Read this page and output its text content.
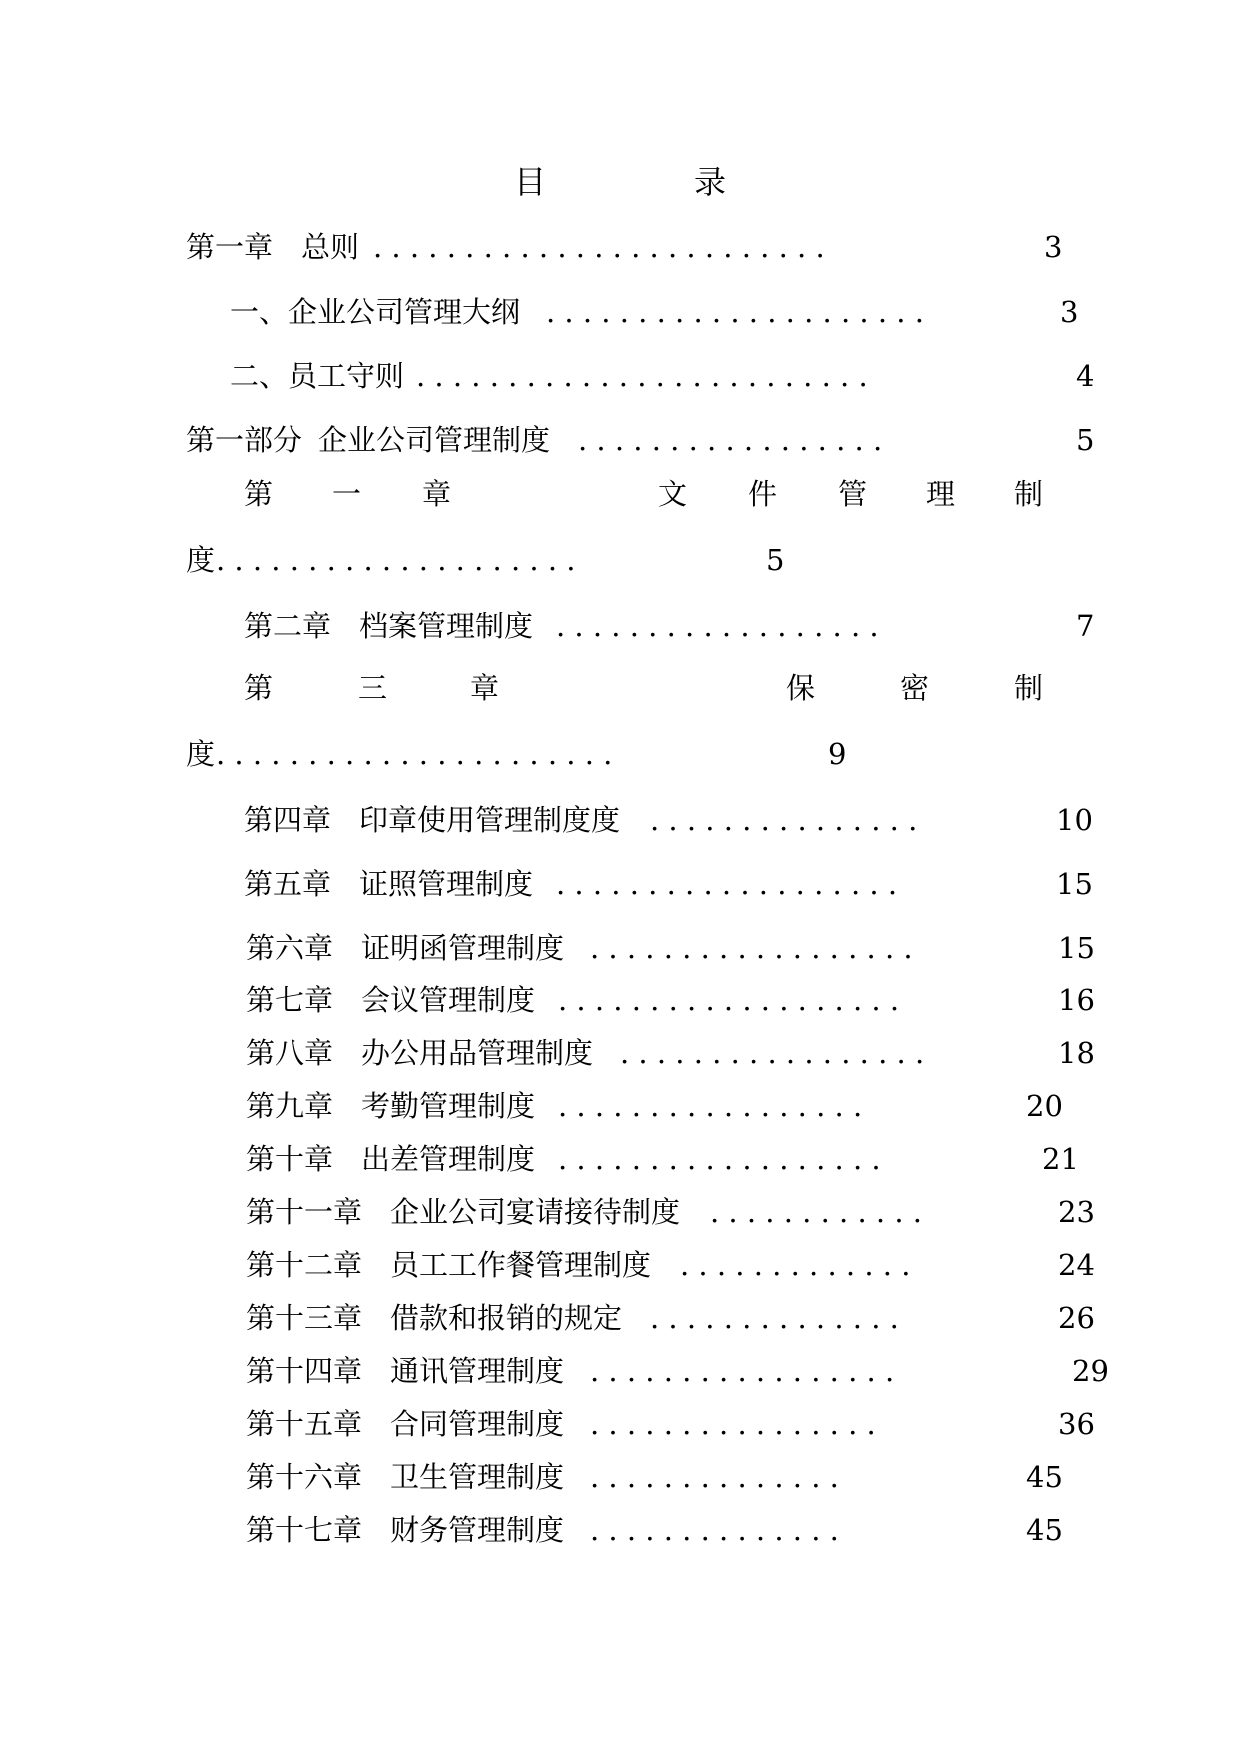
目	录
第一章 总则 . . . . . . . . . . . . . . . . . . . . . . . . .	3
一、 企业公司管理大纲 . . . . . . . . . . . . . . . . . . . . .	3
二、 员工守则 . . . . . . . . . . . . . . . . . . . . . . . . .	4
第一部分 企业公司管理制度 . . . . . . . . . . . . . . . . .	5
第 一 章	文 件 管 理 制
度 . . . . . . . . . . . . . . . . . . . .	5
第二章 档案管理制度 . . . . . . . . . . . . . . . . . .	7
第	三	章	保	密	制
度 . . . . . . . . . . . . . . . . . . . . . .	9
第四章 印章使用管理制度度 . . . . . . . . . . . . . . .	10
第五章 证照管理制度 . . . . . . . . . . . . . . . . . . .	15
第六章 证明函管理制度 . . . . . . . . . . . . . . . . . .	15
第七章 会议管理制度 . . . . . . . . . . . . . . . . . . .	16
第八章 办公用品管理制度 . . . . . . . . . . . . . . . . .	18
第九章 考勤管理制度 . . . . . . . . . . . . . . . . .	20
第十章 出差管理制度 . . . . . . . . . . . . . . . . . .	21
第十一章 企业公司宴请接待制度 . . . . . . . . . . . .	23
第十二章 员工工作餐管理制度 . . . . . . . . . . . . .	24
第十三章 借款和报销的规定 . . . . . . . . . . . . . .	26
第十四章 通讯管理制度 . . . . . . . . . . . . . . . . .	29
第十五章 合同管理制度 . . . . . . . . . . . . . . . .	36
第十六章 卫生管理制度 . . . . . . . . . . . . . .	45
第十七章 财务管理制度 . . . . . . . . . . . . . .	45
